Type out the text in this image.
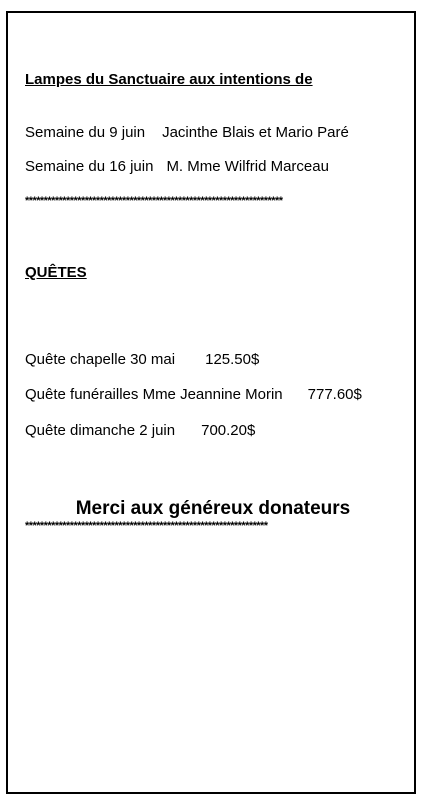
Lampes du Sanctuaire aux intentions de
Semaine du 9 juin Jacinthe Blais et Mario Paré
Semaine du 16 juin M. Mme Wilfrid Marceau
*********************************************************************
QUÊTES
Quête chapelle 30 mai 125.50$
Quête funérailles Mme Jeannine Morin 777.60$
Quête dimanche 2 juin 700.20$
Merci aux généreux donateurs
*****************************************************************
